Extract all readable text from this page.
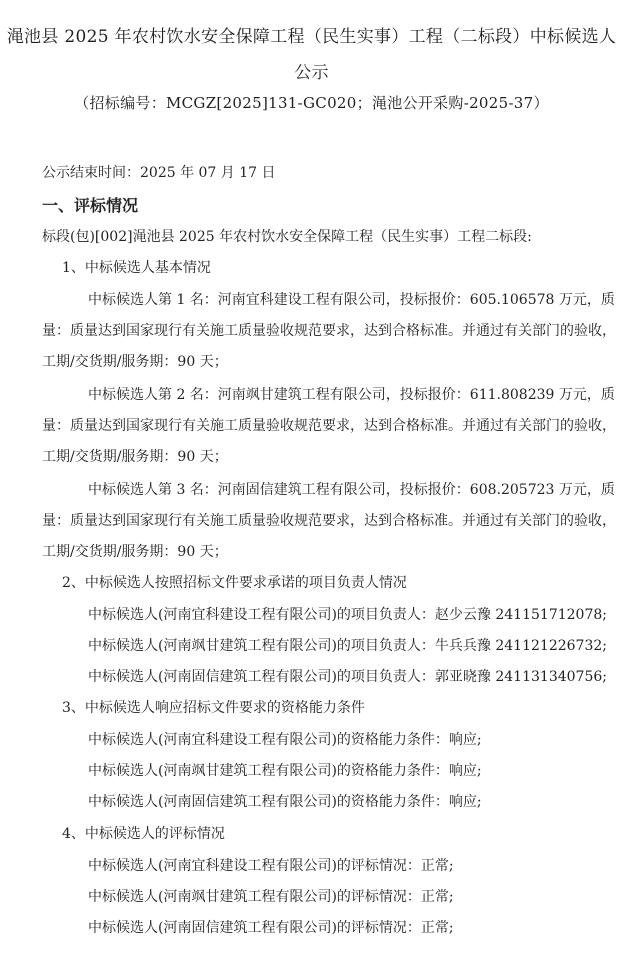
渑池县 2025 年农村饮水安全保障工程（民生实事）工程（二标段）中标候选人
公示
（招标编号：MCGZ[2025]131-GC020；渑池公开采购-2025-37）
公示结束时间：2025 年 07 月 17 日
一、评标情况
标段(包)[002]渑池县 2025 年农村饮水安全保障工程（民生实事）工程二标段:
1、中标候选人基本情况
中标候选人第 1 名：河南宜科建设工程有限公司，投标报价：605.106578 万元，质
量：质量达到国家现行有关施工质量验收规范要求，达到合格标准。并通过有关部门的验收，
工期/交货期/服务期：90 天；
中标候选人第 2 名：河南飒甘建筑工程有限公司，投标报价：611.808239 万元，质
量：质量达到国家现行有关施工质量验收规范要求，达到合格标准。并通过有关部门的验收，
工期/交货期/服务期：90 天；
中标候选人第 3 名：河南固信建筑工程有限公司，投标报价：608.205723 万元，质
量：质量达到国家现行有关施工质量验收规范要求，达到合格标准。并通过有关部门的验收，
工期/交货期/服务期：90 天；
2、中标候选人按照招标文件要求承诺的项目负责人情况
中标候选人(河南宜科建设工程有限公司)的项目负责人：赵少云豫 241151712078;
中标候选人(河南飒甘建筑工程有限公司)的项目负责人：牛兵兵豫 241121226732;
中标候选人(河南固信建筑工程有限公司)的项目负责人：郭亚晓豫 241131340756;
3、中标候选人响应招标文件要求的资格能力条件
中标候选人(河南宜科建设工程有限公司)的资格能力条件：响应;
中标候选人(河南飒甘建筑工程有限公司)的资格能力条件：响应;
中标候选人(河南固信建筑工程有限公司)的资格能力条件：响应;
4、中标候选人的评标情况
中标候选人(河南宜科建设工程有限公司)的评标情况：正常;
中标候选人(河南飒甘建筑工程有限公司)的评标情况：正常;
中标候选人(河南固信建筑工程有限公司)的评标情况：正常;
